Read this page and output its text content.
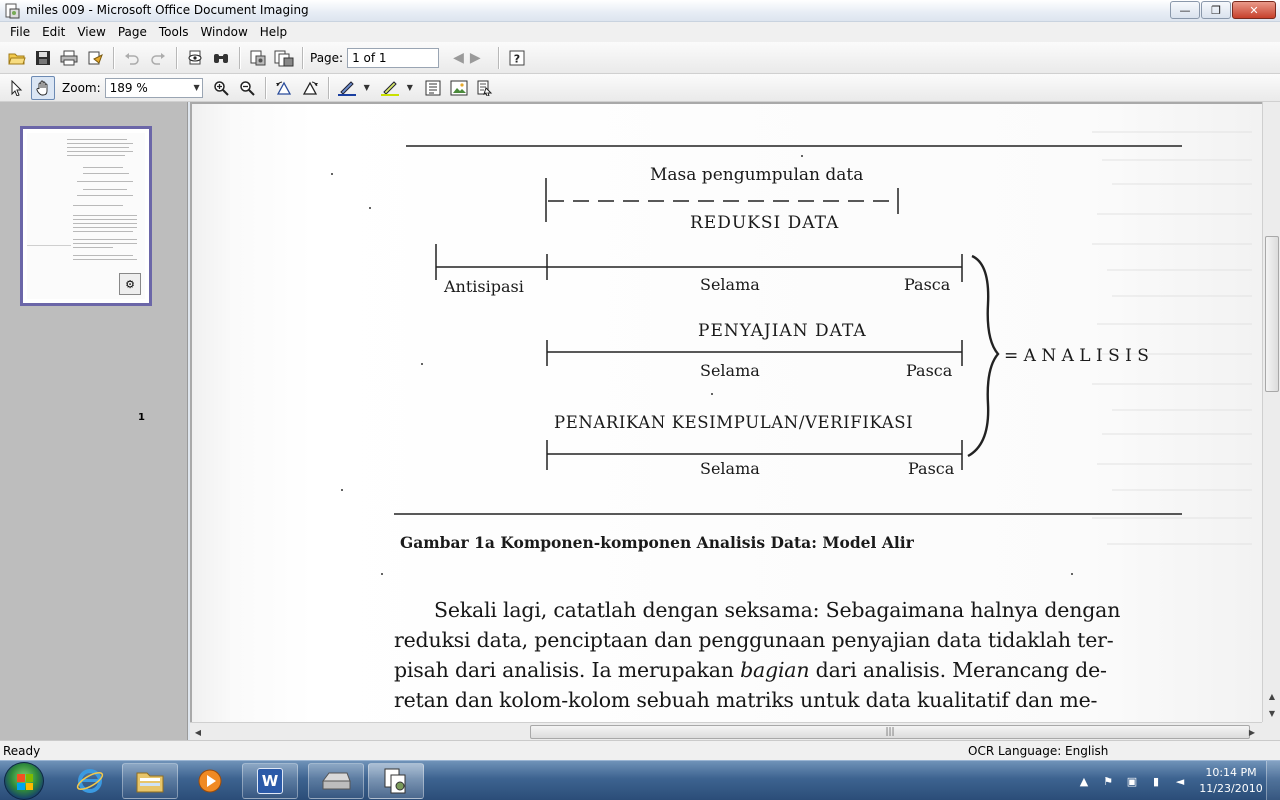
miles 009 - Microsoft Office Document Imaging	—	❐	✕
File	Edit	View	Page	Tools	Window	Help
Page: 1 of 1	◀ ▶	?
Zoom: 189 %	▼	▼	▼
⚙
1
Masa pengumpulan data
REDUKSI DATA
Antisipasi	Selama	Pasca
PENYAJIAN DATA
Selama	Pasca
= A N A L I S I S
PENARIKAN KESIMPULAN/VERIFIKASI
Selama	Pasca
Gambar 1a Komponen-komponen Analisis Data: Model Alir
Sekali lagi, catatlah dengan seksama: Sebagaimana halnya dengan
reduksi data, penciptaan dan penggunaan penyajian data tidaklah ter-
pisah dari analisis. Ia merupakan bagian dari analisis. Merancang de-
retan dan kolom-kolom sebuah matriks untuk data kualitatif dan me-	▲
▼
◀	|||	▶
Ready	OCR Language: English
W	▲ ⚑ ▣	▮	◄
10:14 PM
11/23/2010
